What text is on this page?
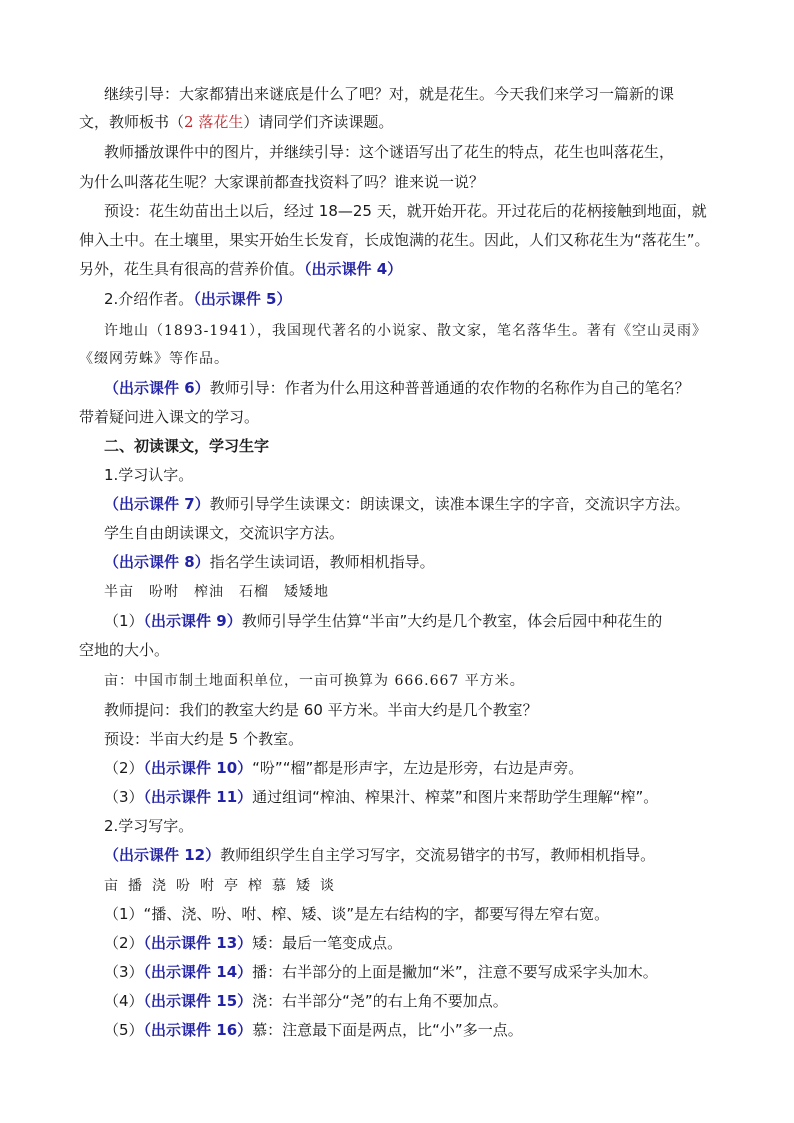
继续引导：大家都猜出来谜底是什么了吧？对，就是花生。今天我们来学习一篇新的课
文，教师板书（2 落花生）请同学们齐读课题。
教师播放课件中的图片，并继续引导：这个谜语写出了花生的特点，花生也叫落花生，
为什么叫落花生呢？大家课前都查找资料了吗？谁来说一说？
预设：花生幼苗出土以后，经过 18—25 天，就开始开花。开过花后的花柄接触到地面，就
伸入土中。在土壤里，果实开始生长发育，长成饱满的花生。因此，人们又称花生为“落花生”。
另外，花生具有很高的营养价值。（出示课件 4）
2.介绍作者。（出示课件 5）
许地山（1893-1941），我国现代著名的小说家、散文家，笔名落华生。著有《空山灵雨》
《缀网劳蛛》等作品。
（出示课件 6）教师引导：作者为什么用这种普普通通的农作物的名称作为自己的笔名？
带着疑问进入课文的学习。
二、初读课文，学习生字
1.学习认字。
（出示课件 7）教师引导学生读课文：朗读课文，读准本课生字的字音，交流识字方法。
学生自由朗读课文，交流识字方法。
（出示课件 8）指名学生读词语，教师相机指导。
半亩　吩咐　榨油　石榴　矮矮地
（1）（出示课件 9）教师引导学生估算“半亩”大约是几个教室，体会后园中种花生的
空地的大小。
亩：中国市制土地面积单位，一亩可换算为 666.667 平方米。
教师提问：我们的教室大约是 60 平方米。半亩大约是几个教室？
预设：半亩大约是 5 个教室。
（2）（出示课件 10）“吩”“榴”都是形声字，左边是形旁，右边是声旁。
（3）（出示课件 11）通过组词“榨油、榨果汁、榨菜”和图片来帮助学生理解“榨”。
2.学习写字。
（出示课件 12）教师组织学生自主学习写字，交流易错字的书写，教师相机指导。
亩播浇吩咐亭榨慕矮谈
（1）“播、浇、吩、咐、榨、矮、谈”是左右结构的字，都要写得左窄右宽。
（2）（出示课件 13）矮：最后一笔变成点。
（3）（出示课件 14）播：右半部分的上面是撇加“米”，注意不要写成采字头加木。
（4）（出示课件 15）浇：右半部分“尧”的右上角不要加点。
（5）（出示课件 16）慕：注意最下面是两点，比“小”多一点。
